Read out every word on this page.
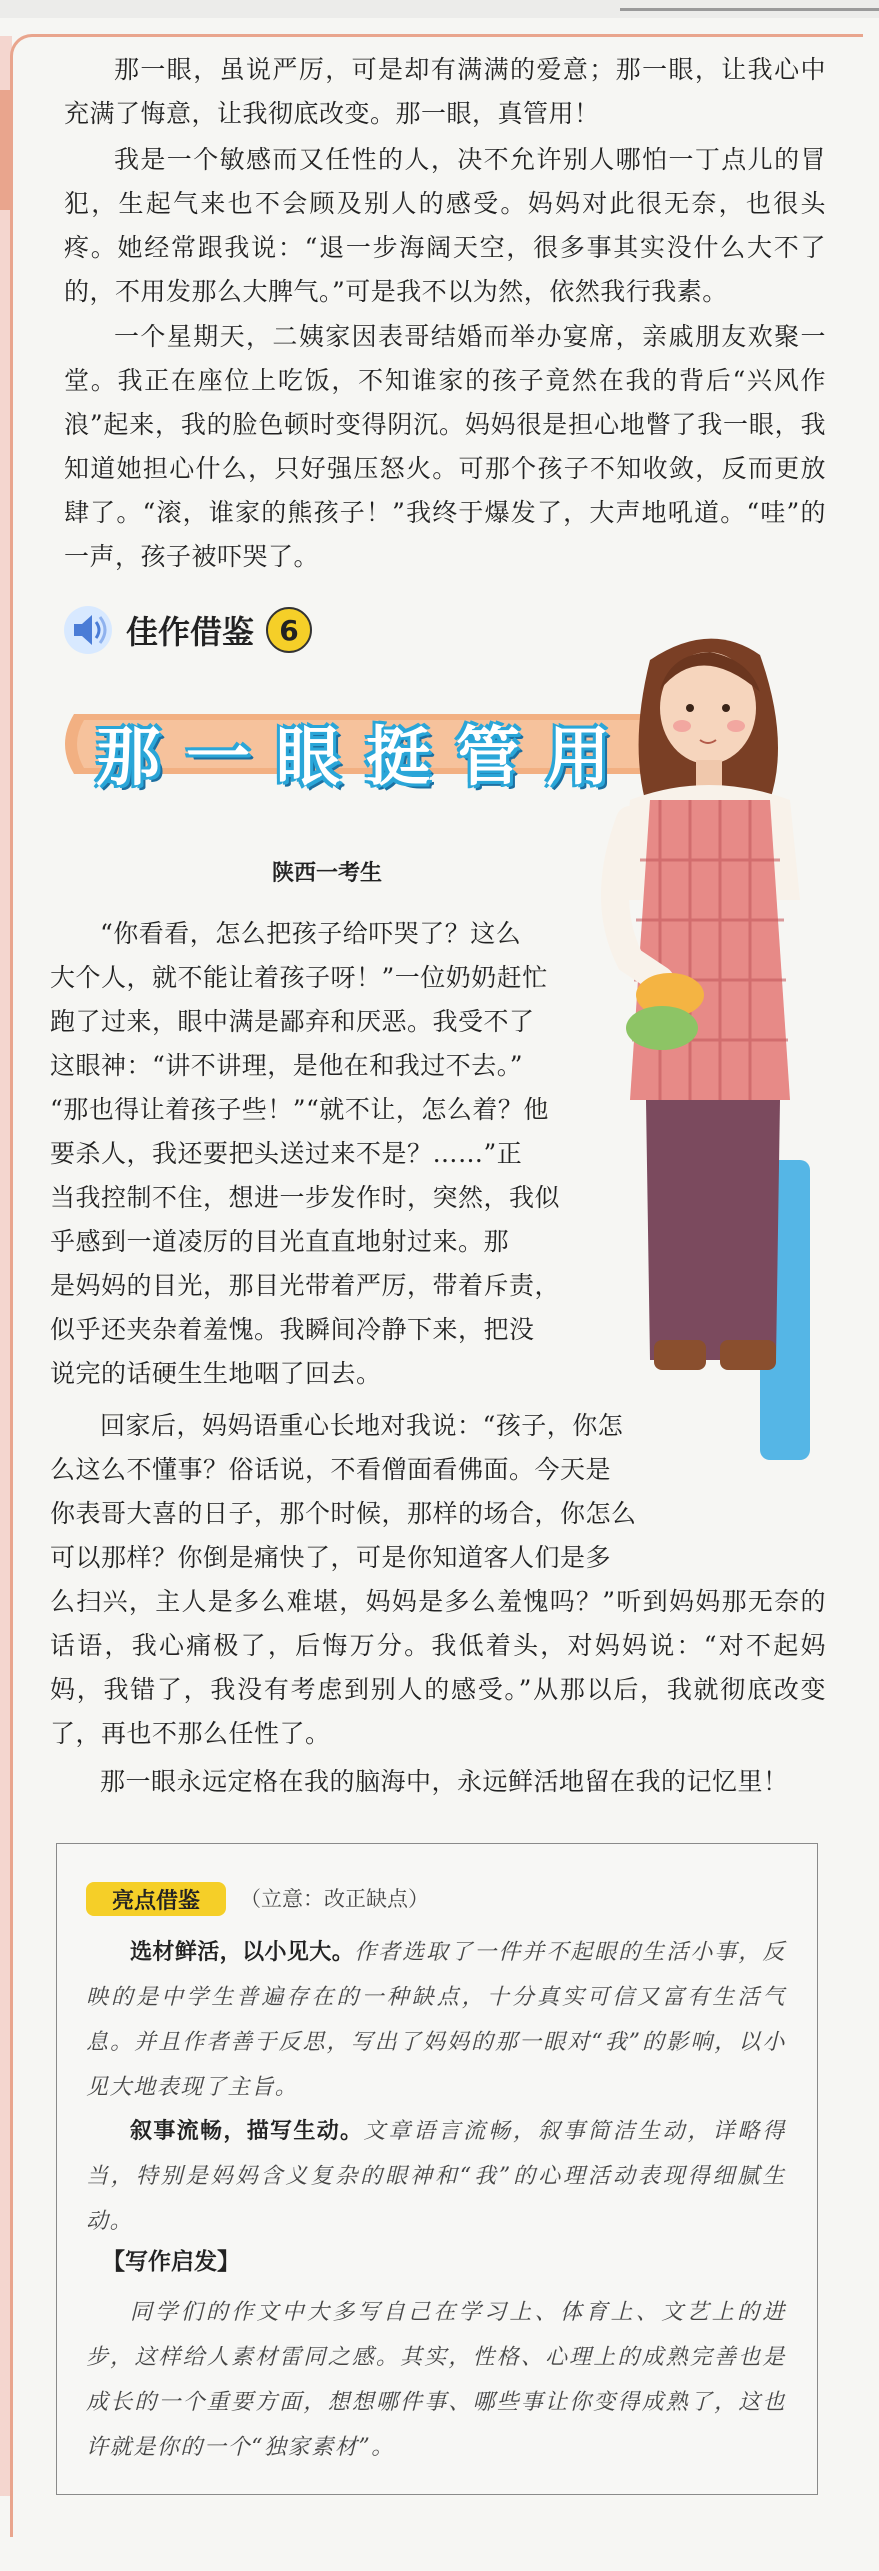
那一眼，虽说严厉，可是却有满满的爱意；那一眼，让我心中充满了悔意，让我彻底改变。那一眼，真管用！

我是一个敏感而又任性的人，决不允许别人哪怕一丁点儿的冒犯，生起气来也不会顾及别人的感受。妈妈对此很无奈，也很头疼。她经常跟我说：“退一步海阔天空，很多事其实没什么大不了的，不用发那么大脾气。”可是我不以为然，依然我行我素。

一个星期天，二姨家因表哥结婚而举办宴席，亲戚朋友欢聚一堂。我正在座位上吃饭，不知谁家的孩子竟然在我的背后“兴风作浪”起来，我的脸色顿时变得阴沉。妈妈很是担心地瞥了我一眼，我知道她担心什么，只好强压怒火。可那个孩子不知收敛，反而更放肆了。“滚，谁家的熊孩子！”我终于爆发了，大声地吼道。“哇”的一声，孩子被吓哭了。

佳作借鉴 6
那一眼挺管用
陕西一考生
“你看看，怎么把孩子给吓哭了？这么
大个人，就不能让着孩子呀！”一位奶奶赶忙
跑了过来，眼中满是鄙弃和厌恶。我受不了
这眼神：“讲不讲理，是他在和我过不去。”
“那也得让着孩子些！”“就不让，怎么着？他
要杀人，我还要把头送过来不是？……”正
当我控制不住，想进一步发作时，突然，我似
乎感到一道凌厉的目光直直地射过来。那
是妈妈的目光，那目光带着严厉，带着斥责，
似乎还夹杂着羞愧。我瞬间冷静下来，把没
说完的话硬生生地咽了回去。
回家后，妈妈语重心长地对我说：“孩子，你怎
么这么不懂事？俗话说，不看僧面看佛面。今天是
你表哥大喜的日子，那个时候，那样的场合，你怎么
可以那样？你倒是痛快了，可是你知道客人们是多

么扫兴，主人是多么难堪，妈妈是多么羞愧吗？”听到妈妈那无奈的话语，我心痛极了，后悔万分。我低着头，对妈妈说：“对不起妈妈，我错了，我没有考虑到别人的感受。”从那以后，我就彻底改变了，再也不那么任性了。

那一眼永远定格在我的脑海中，永远鲜活地留在我的记忆里！

亮点借鉴	（立意：改正缺点）

选材鲜活，以小见大。作者选取了一件并不起眼的生活小事，反映的是中学生普遍存在的一种缺点，十分真实可信又富有生活气息。并且作者善于反思，写出了妈妈的那一眼对“我”的影响，以小见大地表现了主旨。

叙事流畅，描写生动。文章语言流畅，叙事简洁生动，详略得当，特别是妈妈含义复杂的眼神和“我”的心理活动表现得细腻生动。

【写作启发】

同学们的作文中大多写自己在学习上、体育上、文艺上的进步，这样给人素材雷同之感。其实，性格、心理上的成熟完善也是成长的一个重要方面，想想哪件事、哪些事让你变得成熟了，这也许就是你的一个“独家素材”。
